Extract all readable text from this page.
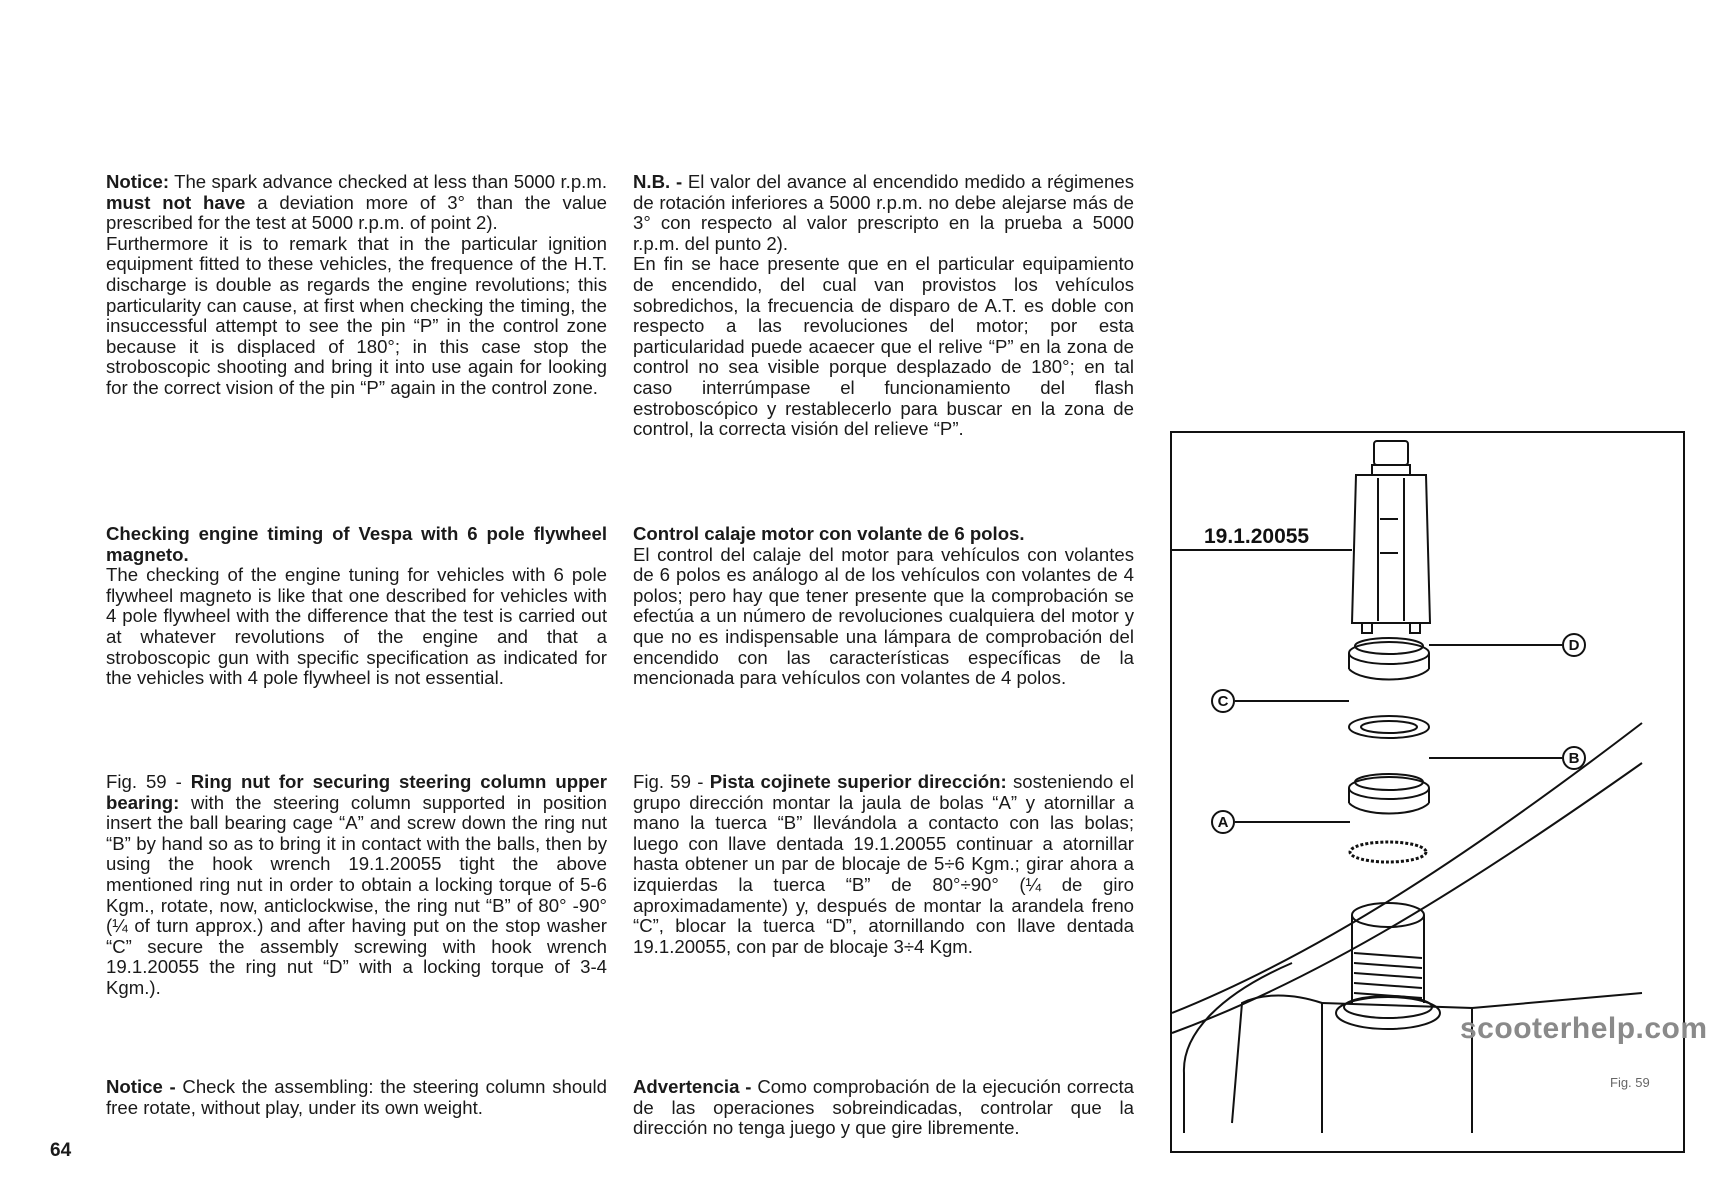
Notice: The spark advance checked at less than 5000 r.p.m. must not have a deviation more of 3° than the value prescribed for the test at 5000 r.p.m. of point 2).

Furthermore it is to remark that in the particular ignition equipment fitted to these vehicles, the frequence of the H.T. discharge is double as regards the engine revolutions; this particularity can cause, at first when checking the timing, the insuccessful attempt to see the pin “P” in the control zone because it is displaced of 180°; in this case stop the stroboscopic shooting and bring it into use again for looking for the correct vision of the pin “P” again in the control zone.

Checking engine timing of Vespa with 6 pole flywheel magneto.

The checking of the engine tuning for vehicles with 6 pole flywheel magneto is like that one described for vehicles with 4 pole flywheel with the difference that the test is carried out at whatever revolutions of the engine and that a stroboscopic gun with specific specification as indicated for the vehicles with 4 pole flywheel is not essential.

Fig. 59 - Ring nut for securing steering column upper bearing: with the steering column supported in position insert the ball bearing cage “A” and screw down the ring nut “B” by hand so as to bring it in contact with the balls, then by using the hook wrench 19.1.20055 tight the above mentioned ring nut in order to obtain a locking torque of 5-6 Kgm., rotate, now, anticlockwise, the ring nut “B” of 80° -90° (¼ of turn approx.) and after having put on the stop washer “C” secure the assembly screwing with hook wrench 19.1.20055 the ring nut “D” with a locking torque of 3-4 Kgm.).

Notice - Check the assembling: the steering column should free rotate, without play, under its own weight.

N.B. - El valor del avance al encendido medido a régimenes de rotación inferiores a 5000 r.p.m. no debe alejarse más de 3° con respecto al valor prescripto en la prueba a 5000 r.p.m. del punto 2).

En fin se hace presente que en el particular equipamiento de encendido, del cual van provistos los vehículos sobredichos, la frecuencia de disparo de A.T. es doble con respecto a las revoluciones del motor; por esta particularidad puede acaecer que el relive “P” en la zona de control no sea visible porque desplazado de 180°; en tal caso interrúmpase el funcionamiento del flash estroboscópico y restablecerlo para buscar en la zona de control, la correcta visión del relieve “P”.

Control calaje motor con volante de 6 polos.

El control del calaje del motor para vehículos con volantes de 6 polos es análogo al de los vehículos con volantes de 4 polos; pero hay que tener presente que la comprobación se efectúa a un número de revoluciones cualquiera del motor y que no es indispensable una lámpara de comprobación del encendido con las características específicas de la mencionada para vehículos con volantes de 4 polos.

Fig. 59 - Pista cojinete superior dirección: sosteniendo el grupo dirección montar la jaula de bolas “A” y atornillar a mano la tuerca “B” llevándola a contacto con las bolas; luego con llave dentada 19.1.20055 continuar a atornillar hasta obtener un par de blocaje de 5÷6 Kgm.; girar ahora a izquierdas la tuerca “B” de 80°÷90° (¼ de giro aproximadamente) y, después de montar la arandela freno “C”, blocar la tuerca “D”, atornillando con llave dentada 19.1.20055, con par de blocaje 3÷4 Kgm.

Advertencia - Como comprobación de la ejecución correcta de las operaciones sobreindicadas, controlar que la dirección no tenga juego y que gire libremente.

64
D
C
B
A
19.1.20055
Fig. 59
scooterhelp.com
